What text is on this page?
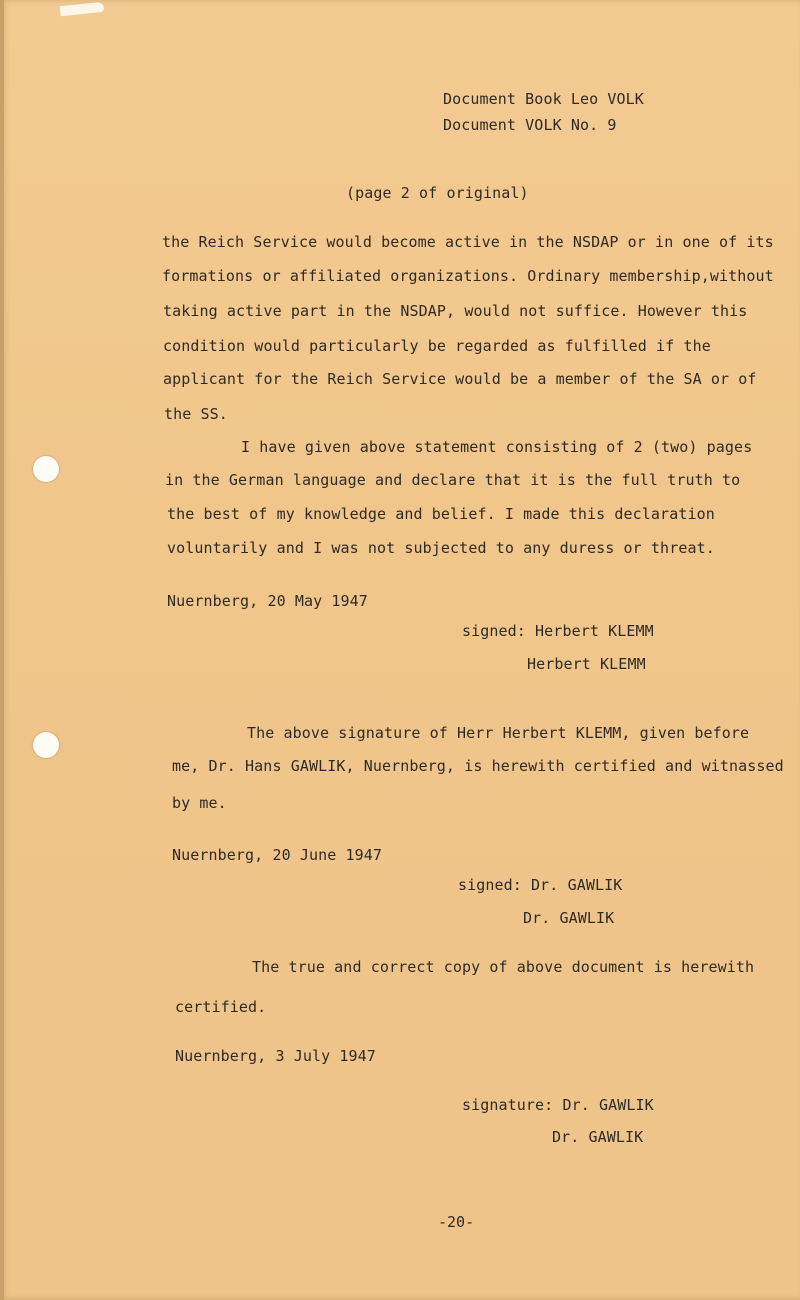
Document Book Leo VOLK
Document VOLK No. 9
(page 2 of original)
the Reich Service would become active in the NSDAP or in one of its
formations or affiliated organizations. Ordinary membership,without
taking active part in the NSDAP, would not suffice. However this
condition would particularly be regarded as fulfilled if the
applicant for the Reich Service would be a member of the SA or of
the SS.
I have given above statement consisting of 2 (two) pages
in the German language and declare that it is the full truth to
the best of my knowledge and belief. I made this declaration
voluntarily and I was not subjected to any duress or threat.
Nuernberg, 20 May 1947
signed: Herbert KLEMM
Herbert KLEMM
The above signature of Herr Herbert KLEMM, given before
me, Dr. Hans GAWLIK, Nuernberg, is herewith certified and witnassed
by me.
Nuernberg, 20 June 1947
signed: Dr. GAWLIK
Dr. GAWLIK
The true and correct copy of above document is herewith
certified.
Nuernberg, 3 July 1947
signature: Dr. GAWLIK
Dr. GAWLIK
-20-
